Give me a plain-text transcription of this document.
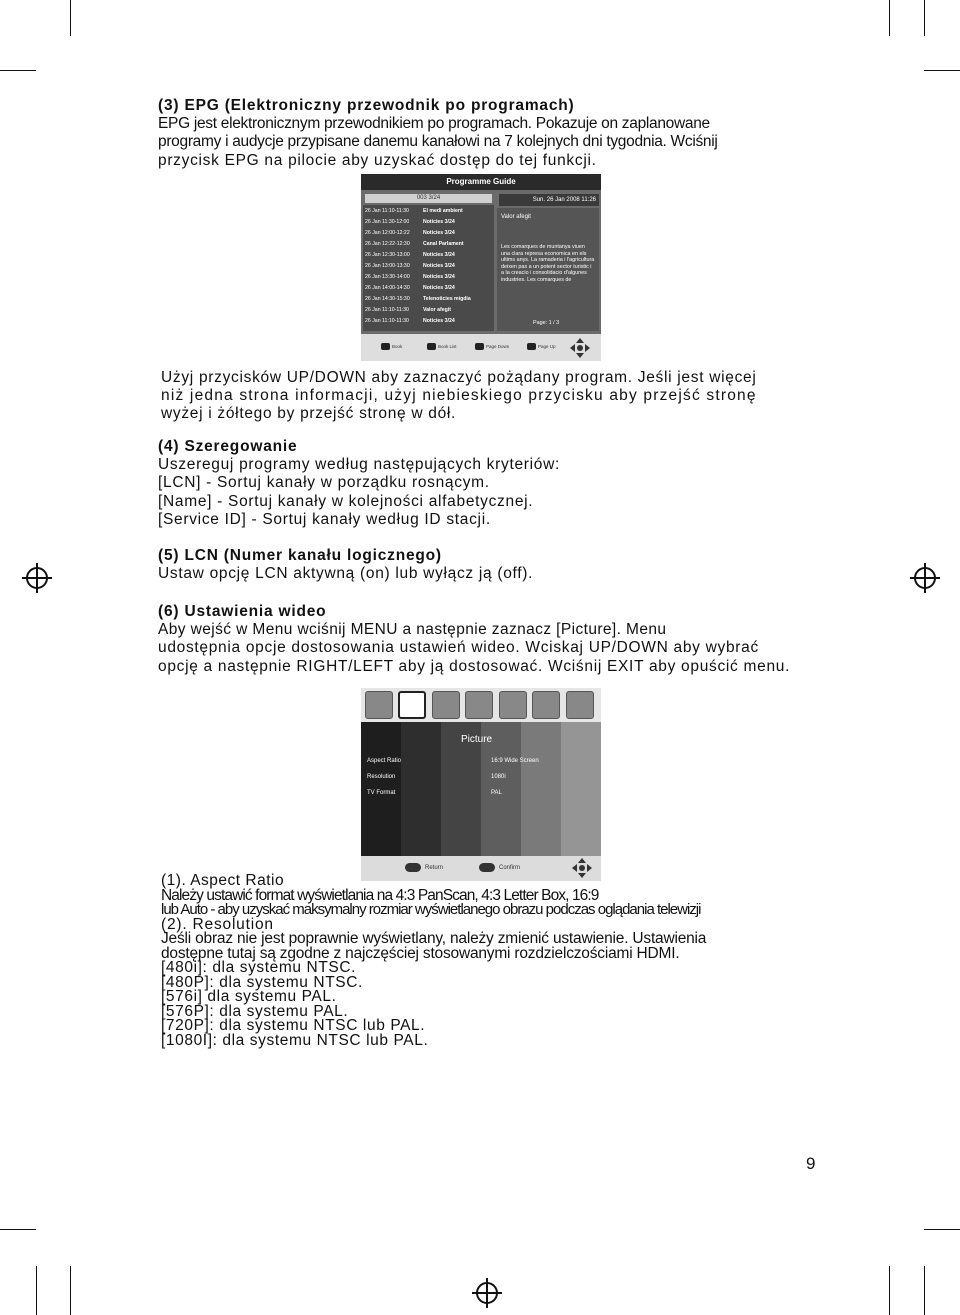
(3) EPG (Elektroniczny przewodnik po programach)
EPG jest elektronicznym przewodnikiem po programach. Pokazuje on zaplanowane
programy i audycje przypisane danemu kanałowi na 7 kolejnych dni tygodnia. Wciśnij
przycisk EPG na pilocie aby uzyskać dostęp do tej funkcji.
Programme Guide
003 3/24	Sun. 26 Jan 2008 11:26
26 Jan 11:10-11:30	El medi ambient
26 Jan 11:30-12:00	Noticies 3/24
26 Jan 12:00-12:22	Noticies 3/24
26 Jan 12:22-12:30	Canal Parlament
26 Jan 12:30-13:00	Noticies 3/24
26 Jan 13:00-13:30	Noticies 3/24
26 Jan 13:30-14:00	Noticies 3/24
26 Jan 14:00-14:30	Noticies 3/24
26 Jan 14:30-15:30	Telenoticies migdia
26 Jan 11:10-11:30	Valor afegit
26 Jan 11:10-11:30	Noticies 3/24
Valor afegit
Les comarques de muntanya viuen una clara represa economica en els ultims anys. La ramaderia i l'agricultura deixen pas a un potent sector turistic i a la creacio i consolidacio d'algunes industries. Les comarques de
Page: 1 / 3
Book	Book List	Page Down	Page Up
Użyj przycisków UP/DOWN aby zaznaczyć pożądany program. Jeśli jest więcej
niż jedna strona informacji, użyj niebieskiego przycisku aby przejść stronę
wyżej i żółtego by przejść stronę w dół.
(4) Szeregowanie
Uszereguj programy według następujących kryteriów:
[LCN] - Sortuj kanały w porządku rosnącym.
[Name] - Sortuj kanały w kolejności alfabetycznej.
[Service ID] - Sortuj kanały według ID stacji.
(5) LCN (Numer kanału logicznego)
Ustaw opcję LCN aktywną (on) lub wyłącz ją (off).
(6) Ustawienia wideo
Aby wejść w Menu wciśnij MENU a następnie zaznacz [Picture]. Menu
udostępnia opcje dostosowania ustawień wideo. Wciskaj UP/DOWN aby wybrać
opcję a następnie RIGHT/LEFT aby ją dostosować. Wciśnij EXIT aby opuścić menu.
Picture
Aspect Ratio	16:9 Wide Screen
Resolution	1080i
TV Format	PAL
Return	Confirm
(1). Aspect Ratio
Należy ustawić format wyświetlania na 4:3 PanScan, 4:3 Letter Box, 16:9
lub Auto - aby uzyskać maksymalny rozmiar wyświetlanego obrazu podczas oglądania telewizji
(2). Resolution
Jeśli obraz nie jest poprawnie wyświetlany, należy zmienić ustawienie. Ustawienia
dostępne tutaj są zgodne z najczęściej stosowanymi rozdzielczościami HDMI.
[480i]: dla systemu NTSC.
[480P]: dla systemu NTSC.
[576i] dla systemu PAL.
[576P]: dla systemu PAL.
[720P]: dla systemu NTSC lub PAL.
[1080I]: dla systemu NTSC lub PAL.
9
